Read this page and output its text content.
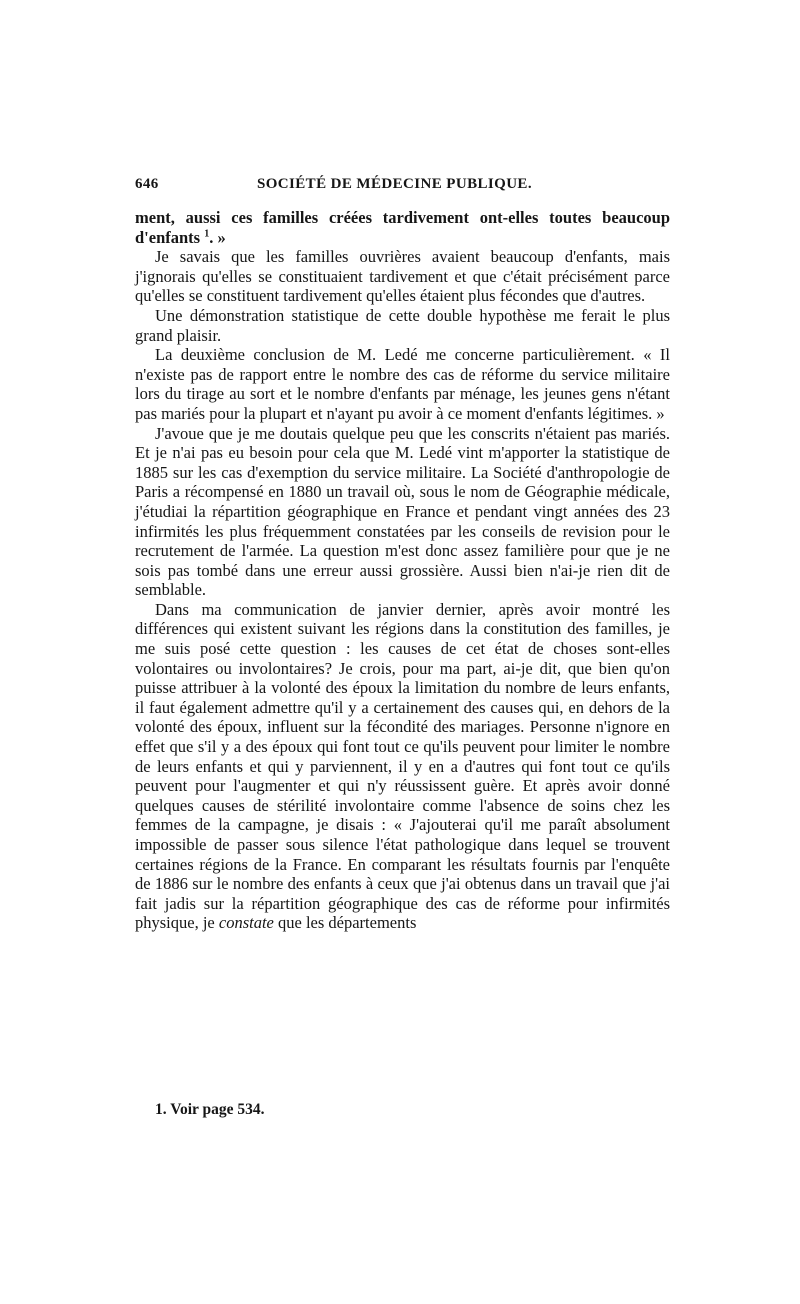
646	SOCIÉTÉ DE MÉDECINE PUBLIQUE.

ment, aussi ces familles créées tardivement ont-elles toutes beaucoup d'enfants $^1$. »

Je savais que les familles ouvrières avaient beaucoup d'enfants, mais j'ignorais qu'elles se constituaient tardivement et que c'était précisément parce qu'elles se constituent tardivement qu'elles étaient plus fécondes que d'autres.

Une démonstration statistique de cette double hypothèse me ferait le plus grand plaisir.

La deuxième conclusion de M. Ledé me concerne particulièrement. « Il n'existe pas de rapport entre le nombre des cas de réforme du service militaire lors du tirage au sort et le nombre d'enfants par ménage, les jeunes gens n'étant pas mariés pour la plupart et n'ayant pu avoir à ce moment d'enfants légitimes. »

J'avoue que je me doutais quelque peu que les conscrits n'étaient pas mariés. Et je n'ai pas eu besoin pour cela que M. Ledé vint m'apporter la statistique de 1885 sur les cas d'exemption du service militaire. La Société d'anthropologie de Paris a récompensé en 1880 un travail où, sous le nom de Géographie médicale, j'étudiai la répartition géographique en France et pendant vingt années des 23 infirmités les plus fréquemment constatées par les conseils de revision pour le recrutement de l'armée. La question m'est donc assez familière pour que je ne sois pas tombé dans une erreur aussi grossière. Aussi bien n'ai-je rien dit de semblable.

Dans ma communication de janvier dernier, après avoir montré les différences qui existent suivant les régions dans la constitution des familles, je me suis posé cette question : les causes de cet état de choses sont-elles volontaires ou involontaires? Je crois, pour ma part, ai-je dit, que bien qu'on puisse attribuer à la volonté des époux la limitation du nombre de leurs enfants, il faut également admettre qu'il y a certainement des causes qui, en dehors de la volonté des époux, influent sur la fécondité des mariages. Personne n'ignore en effet que s'il y a des époux qui font tout ce qu'ils peuvent pour limiter le nombre de leurs enfants et qui y parviennent, il y en a d'autres qui font tout ce qu'ils peuvent pour l'augmenter et qui n'y réussissent guère. Et après avoir donné quelques causes de stérilité involontaire comme l'absence de soins chez les femmes de la campagne, je disais : « J'ajouterai qu'il me paraît absolument impossible de passer sous silence l'état pathologique dans lequel se trouvent certaines régions de la France. En comparant les résultats fournis par l'enquête de 1886 sur le nombre des enfants à ceux que j'ai obtenus dans un travail que j'ai fait jadis sur la répartition géographique des cas de réforme pour infirmités physique, je constate que les départements

1. Voir page 534.
